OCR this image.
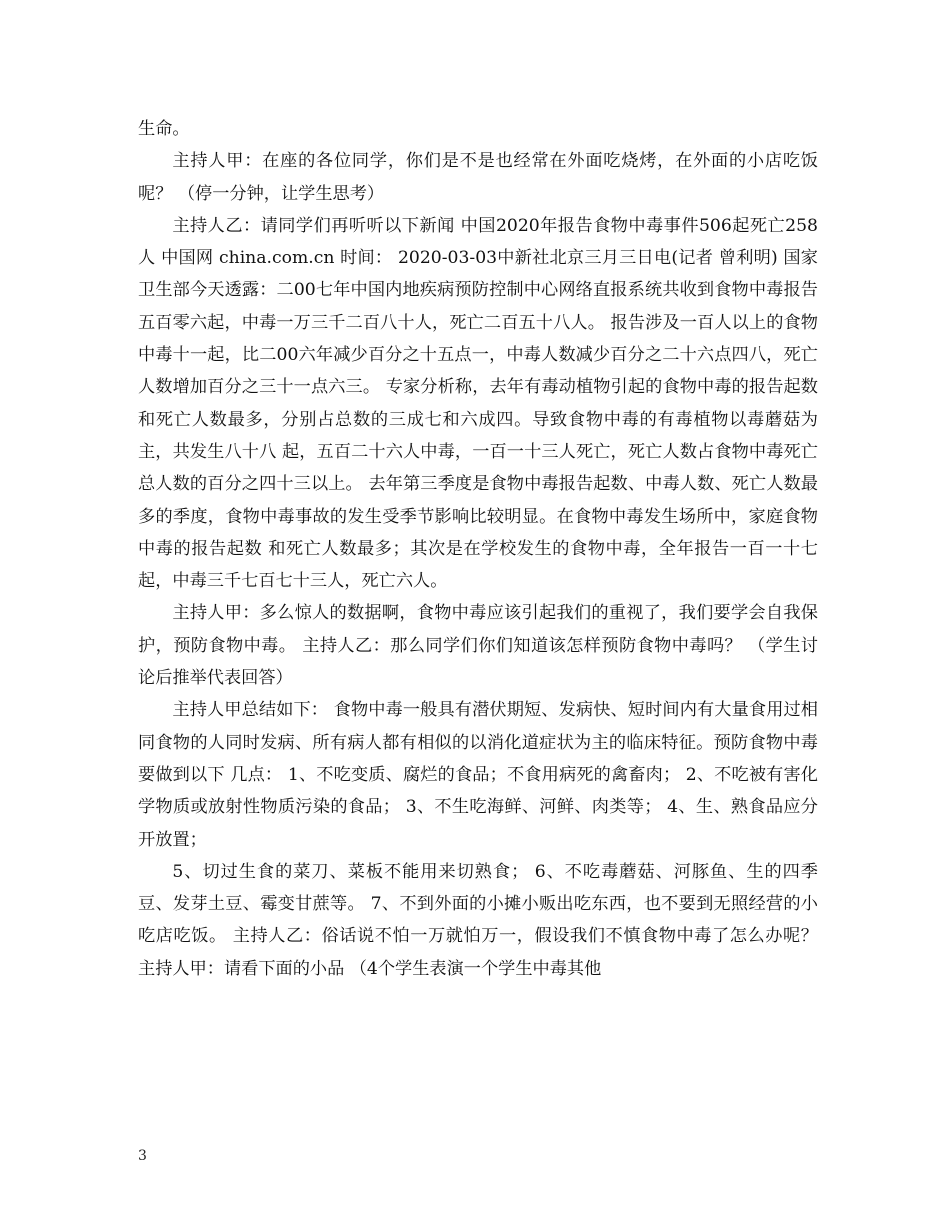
生命。

主持人甲：在座的各位同学，你们是不是也经常在外面吃烧烤，在外面的小店吃饭呢？ （停一分钟，让学生思考）

主持人乙：请同学们再听听以下新闻 中国2020年报告食物中毒事件506起死亡258人 中国网 china.com.cn 时间： 2020-03-03中新社北京三月三日电(记者 曾利明) 国家卫生部今天透露：二00七年中国内地疾病预防控制中心网络直报系统共收到食物中毒报告五百零六起，中毒一万三千二百八十人，死亡二百五十八人。 报告涉及一百人以上的食物中毒十一起，比二00六年减少百分之十五点一，中毒人数减少百分之二十六点四八，死亡人数增加百分之三十一点六三。 专家分析称，去年有毒动植物引起的食物中毒的报告起数和死亡人数最多，分别占总数的三成七和六成四。导致食物中毒的有毒植物以毒蘑菇为主，共发生八十八 起，五百二十六人中毒，一百一十三人死亡，死亡人数占食物中毒死亡总人数的百分之四十三以上。 去年第三季度是食物中毒报告起数、中毒人数、死亡人数最多的季度，食物中毒事故的发生受季节影响比较明显。在食物中毒发生场所中，家庭食物中毒的报告起数 和死亡人数最多；其次是在学校发生的食物中毒，全年报告一百一十七起，中毒三千七百七十三人，死亡六人。

主持人甲：多么惊人的数据啊，食物中毒应该引起我们的重视了，我们要学会自我保护，预防食物中毒。 主持人乙：那么同学们你们知道该怎样预防食物中毒吗？ （学生讨论后推举代表回答）

主持人甲总结如下： 食物中毒一般具有潜伏期短、发病快、短时间内有大量食用过相同食物的人同时发病、所有病人都有相似的以消化道症状为主的临床特征。预防食物中毒要做到以下 几点： 1、不吃变质、腐烂的食品；不食用病死的禽畜肉； 2、不吃被有害化学物质或放射性物质污染的食品； 3、不生吃海鲜、河鲜、肉类等； 4、生、熟食品应分开放置；

5、切过生食的菜刀、菜板不能用来切熟食； 6、不吃毒蘑菇、河豚鱼、生的四季豆、发芽土豆、霉变甘蔗等。 7、不到外面的小摊小贩出吃东西，也不要到无照经营的小吃店吃饭。 主持人乙：俗话说不怕一万就怕万一，假设我们不慎食物中毒了怎么办呢？ 主持人甲：请看下面的小品 （4个学生表演一个学生中毒其他

3
